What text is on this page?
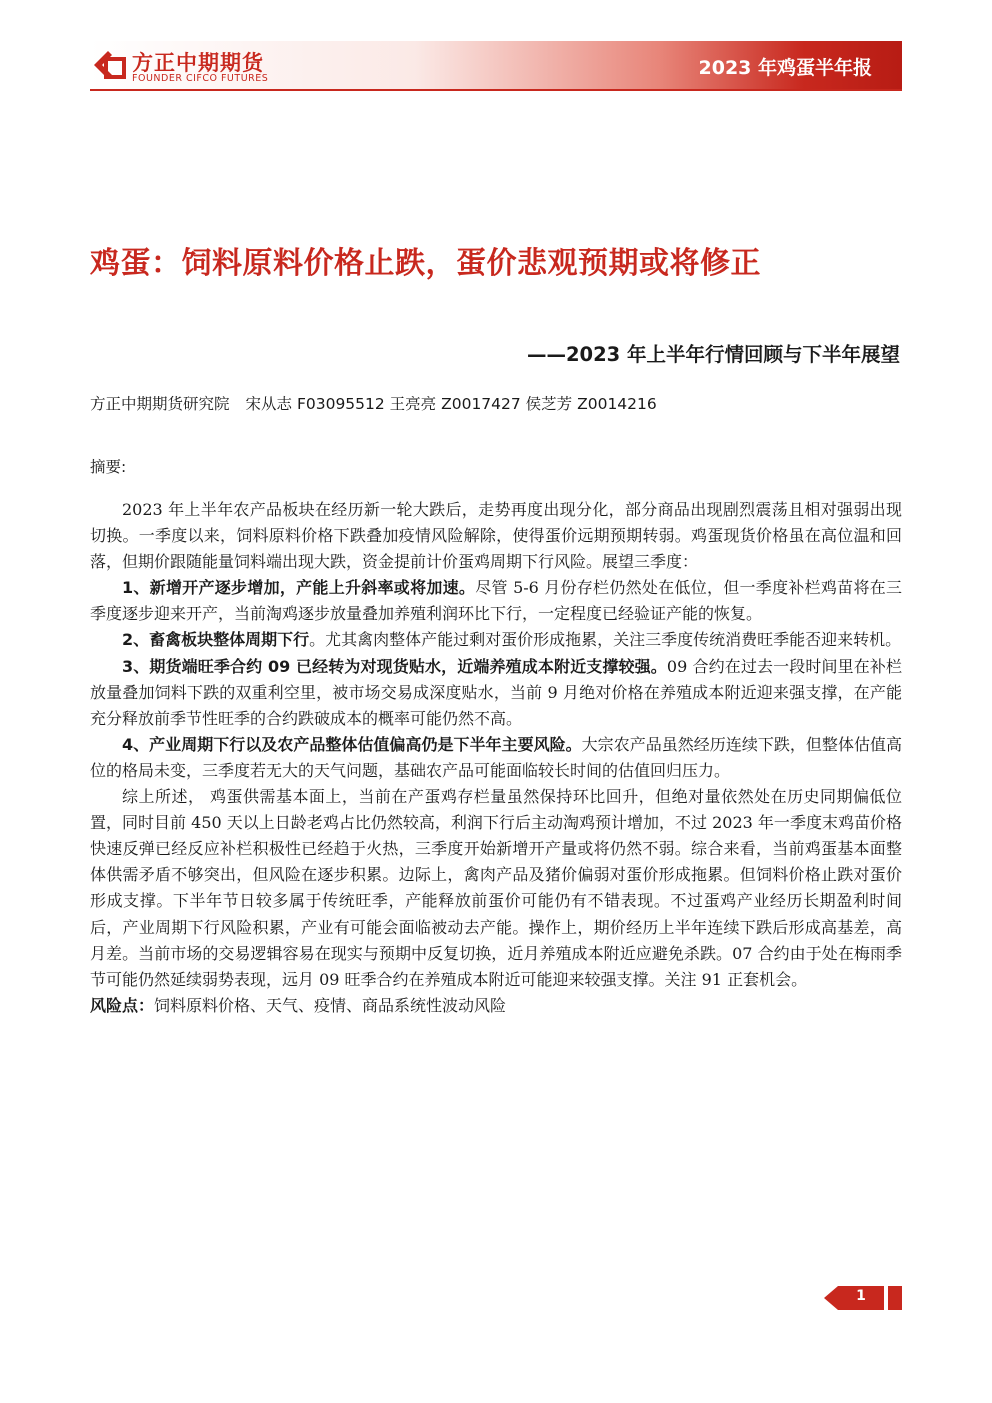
方正中期期货
FOUNDER CIFCO FUTURES	2023 年鸡蛋半年报
鸡蛋：饲料原料价格止跌，蛋价悲观预期或将修正
——2023 年上半年行情回顾与下半年展望
方正中期期货研究院 宋从志 F03095512 王亮亮 Z0017427 侯芝芳 Z0014216
摘要:

2023 年上半年农产品板块在经历新一轮大跌后，走势再度出现分化，部分商品出现剧烈震荡且相对强弱出现切换。一季度以来，饲料原料价格下跌叠加疫情风险解除，使得蛋价远期预期转弱。鸡蛋现货价格虽在高位温和回落，但期价跟随能量饲料端出现大跌，资金提前计价蛋鸡周期下行风险。展望三季度：

1、新增开产逐步增加，产能上升斜率或将加速。尽管 5-6 月份存栏仍然处在低位，但一季度补栏鸡苗将在三季度逐步迎来开产，当前淘鸡逐步放量叠加养殖利润环比下行，一定程度已经验证产能的恢复。

2、畜禽板块整体周期下行。尤其禽肉整体产能过剩对蛋价形成拖累，关注三季度传统消费旺季能否迎来转机。

3、期货端旺季合约 09 已经转为对现货贴水，近端养殖成本附近支撑较强。09 合约在过去一段时间里在补栏放量叠加饲料下跌的双重利空里，被市场交易成深度贴水，当前 9 月绝对价格在养殖成本附近迎来强支撑，在产能充分释放前季节性旺季的合约跌破成本的概率可能仍然不高。

4、产业周期下行以及农产品整体估值偏高仍是下半年主要风险。大宗农产品虽然经历连续下跌，但整体估值高位的格局未变，三季度若无大的天气问题，基础农产品可能面临较长时间的估值回归压力。

综上所述， 鸡蛋供需基本面上，当前在产蛋鸡存栏量虽然保持环比回升，但绝对量依然处在历史同期偏低位置，同时目前 450 天以上日龄老鸡占比仍然较高，利润下行后主动淘鸡预计增加，不过 2023 年一季度末鸡苗价格快速反弹已经反应补栏积极性已经趋于火热，三季度开始新增开产量或将仍然不弱。综合来看，当前鸡蛋基本面整体供需矛盾不够突出，但风险在逐步积累。边际上，禽肉产品及猪价偏弱对蛋价形成拖累。但饲料价格止跌对蛋价形成支撑。下半年节日较多属于传统旺季，产能释放前蛋价可能仍有不错表现。不过蛋鸡产业经历长期盈利时间后，产业周期下行风险积累，产业有可能会面临被动去产能。操作上，期价经历上半年连续下跌后形成高基差，高月差。当前市场的交易逻辑容易在现实与预期中反复切换，近月养殖成本附近应避免杀跌。07 合约由于处在梅雨季节可能仍然延续弱势表现，远月 09 旺季合约在养殖成本附近可能迎来较强支撑。关注 91 正套机会。

风险点：饲料原料价格、天气、疫情、商品系统性波动风险

1
